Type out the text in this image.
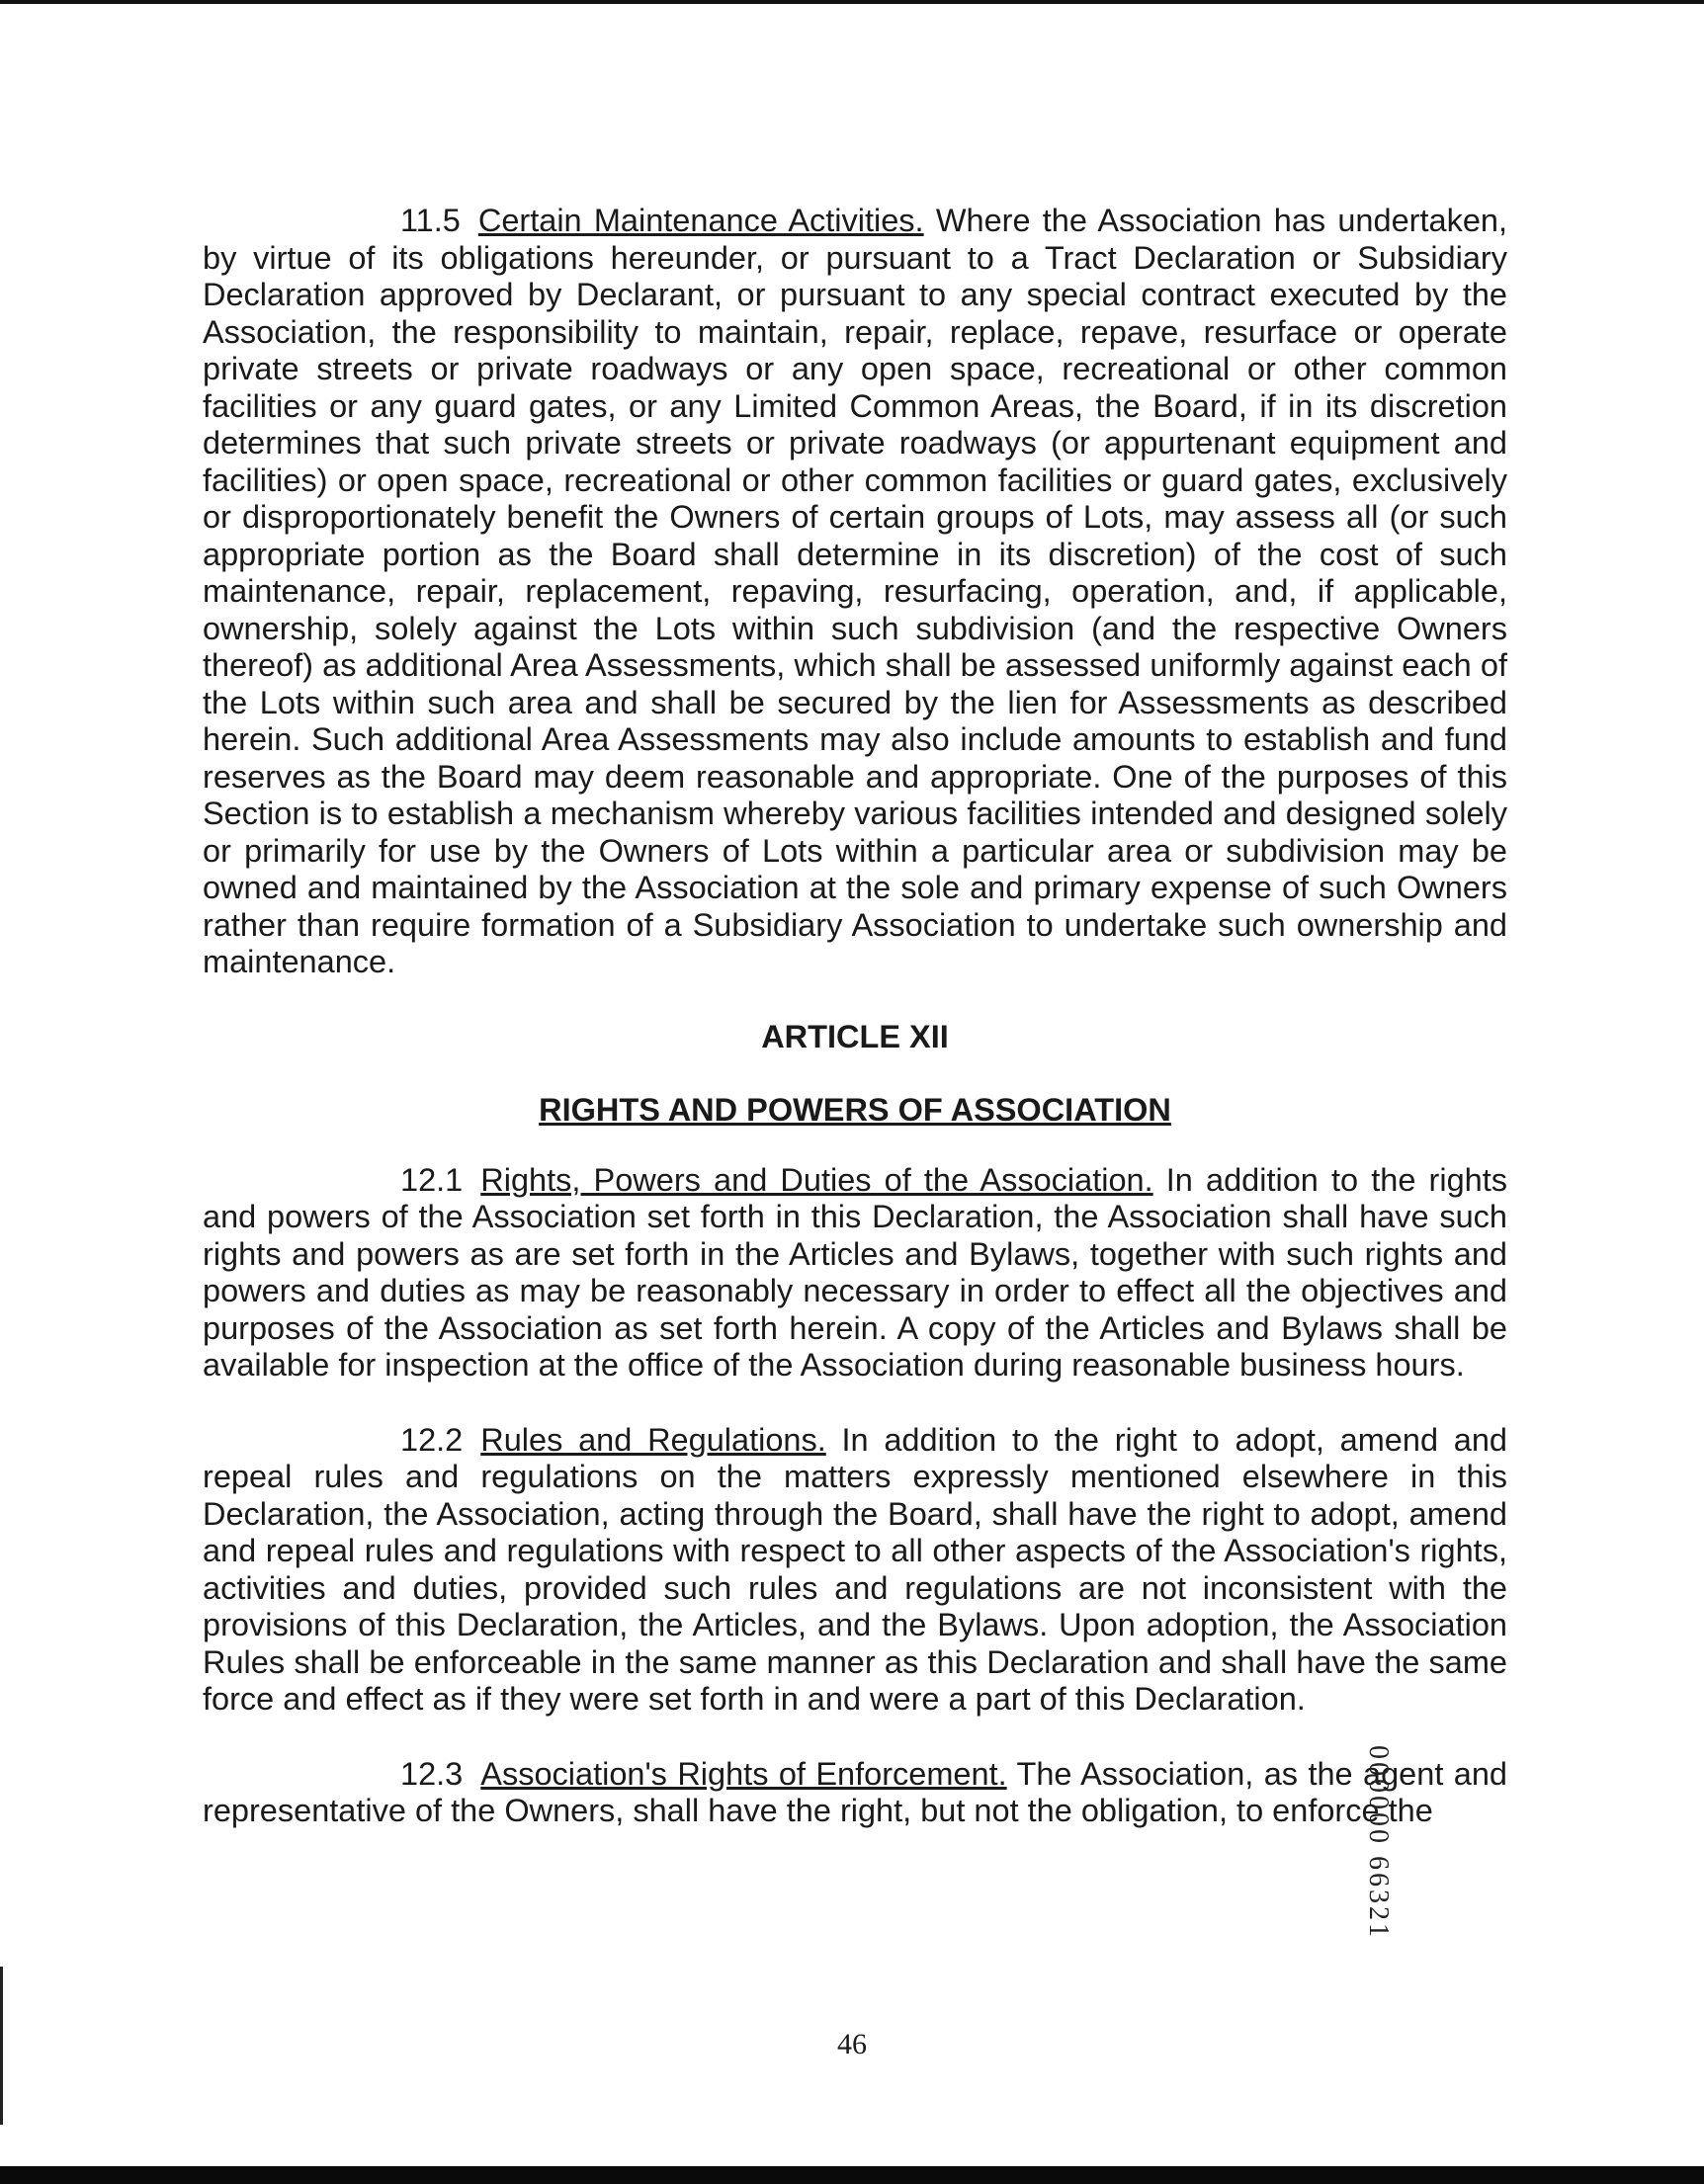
11.5 Certain Maintenance Activities. Where the Association has undertaken, by virtue of its obligations hereunder, or pursuant to a Tract Declaration or Subsidiary Declaration approved by Declarant, or pursuant to any special contract executed by the Association, the responsibility to maintain, repair, replace, repave, resurface or operate private streets or private roadways or any open space, recreational or other common facilities or any guard gates, or any Limited Common Areas, the Board, if in its discretion determines that such private streets or private roadways (or appurtenant equipment and facilities) or open space, recreational or other common facilities or guard gates, exclusively or disproportionately benefit the Owners of certain groups of Lots, may assess all (or such appropriate portion as the Board shall determine in its discretion) of the cost of such maintenance, repair, replacement, repaving, resurfacing, operation, and, if applicable, ownership, solely against the Lots within such subdivision (and the respective Owners thereof) as additional Area Assessments, which shall be assessed uniformly against each of the Lots within such area and shall be secured by the lien for Assessments as described herein. Such additional Area Assessments may also include amounts to establish and fund reserves as the Board may deem reasonable and appropriate. One of the purposes of this Section is to establish a mechanism whereby various facilities intended and designed solely or primarily for use by the Owners of Lots within a particular area or subdivision may be owned and maintained by the Association at the sole and primary expense of such Owners rather than require formation of a Subsidiary Association to undertake such ownership and maintenance.

ARTICLE XII

RIGHTS AND POWERS OF ASSOCIATION

12.1 Rights, Powers and Duties of the Association. In addition to the rights and powers of the Association set forth in this Declaration, the Association shall have such rights and powers as are set forth in the Articles and Bylaws, together with such rights and powers and duties as may be reasonably necessary in order to effect all the objectives and purposes of the Association as set forth herein. A copy of the Articles and Bylaws shall be available for inspection at the office of the Association during reasonable business hours.

12.2 Rules and Regulations. In addition to the right to adopt, amend and repeal rules and regulations on the matters expressly mentioned elsewhere in this Declaration, the Association, acting through the Board, shall have the right to adopt, amend and repeal rules and regulations with respect to all other aspects of the Association's rights, activities and duties, provided such rules and regulations are not inconsistent with the provisions of this Declaration, the Articles, and the Bylaws. Upon adoption, the Association Rules shall be enforceable in the same manner as this Declaration and shall have the same force and effect as if they were set forth in and were a part of this Declaration.

12.3 Association's Rights of Enforcement. The Association, as the agent and representative of the Owners, shall have the right, but not the obligation, to enforce the

000000 66321
46
